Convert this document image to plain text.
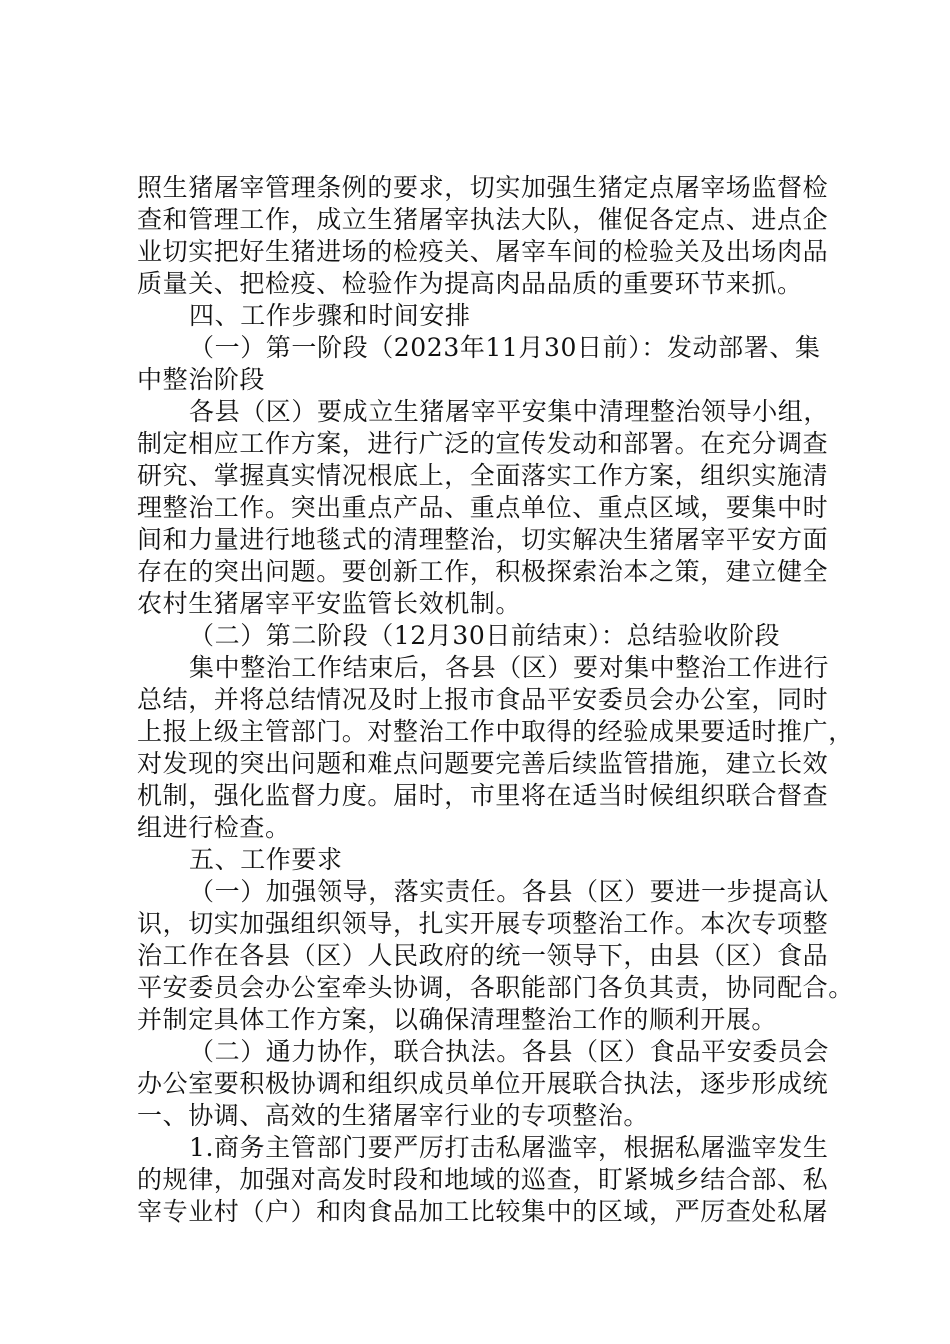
照生猪屠宰管理条例的要求，切实加强生猪定点屠宰场监督检
查和管理工作，成立生猪屠宰执法大队，催促各定点、进点企
业切实把好生猪进场的检疫关、屠宰车间的检验关及出场肉品
质量关、把检疫、检验作为提高肉品品质的重要环节来抓。
四、工作步骤和时间安排
（一）第一阶段（2023年11月30日前）：发动部署、集
中整治阶段
各县（区）要成立生猪屠宰平安集中清理整治领导小组，
制定相应工作方案，进行广泛的宣传发动和部署。在充分调查
研究、掌握真实情况根底上，全面落实工作方案，组织实施清
理整治工作。突出重点产品、重点单位、重点区域，要集中时
间和力量进行地毯式的清理整治，切实解决生猪屠宰平安方面
存在的突出问题。要创新工作，积极探索治本之策，建立健全
农村生猪屠宰平安监管长效机制。
（二）第二阶段（12月30日前结束）：总结验收阶段
集中整治工作结束后，各县（区）要对集中整治工作进行
总结，并将总结情况及时上报市食品平安委员会办公室，同时
上报上级主管部门。对整治工作中取得的经验成果要适时推广，
对发现的突出问题和难点问题要完善后续监管措施，建立长效
机制，强化监督力度。届时，市里将在适当时候组织联合督查
组进行检查。
五、工作要求
（一）加强领导，落实责任。各县（区）要进一步提高认
识，切实加强组织领导，扎实开展专项整治工作。本次专项整
治工作在各县（区）人民政府的统一领导下，由县（区）食品
平安委员会办公室牵头协调，各职能部门各负其责，协同配合。
并制定具体工作方案，以确保清理整治工作的顺利开展。
（二）通力协作，联合执法。各县（区）食品平安委员会
办公室要积极协调和组织成员单位开展联合执法，逐步形成统
一、协调、高效的生猪屠宰行业的专项整治。
1.商务主管部门要严厉打击私屠滥宰，根据私屠滥宰发生
的规律，加强对高发时段和地域的巡查，盯紧城乡结合部、私
宰专业村（户）和肉食品加工比较集中的区域，严厉查处私屠
